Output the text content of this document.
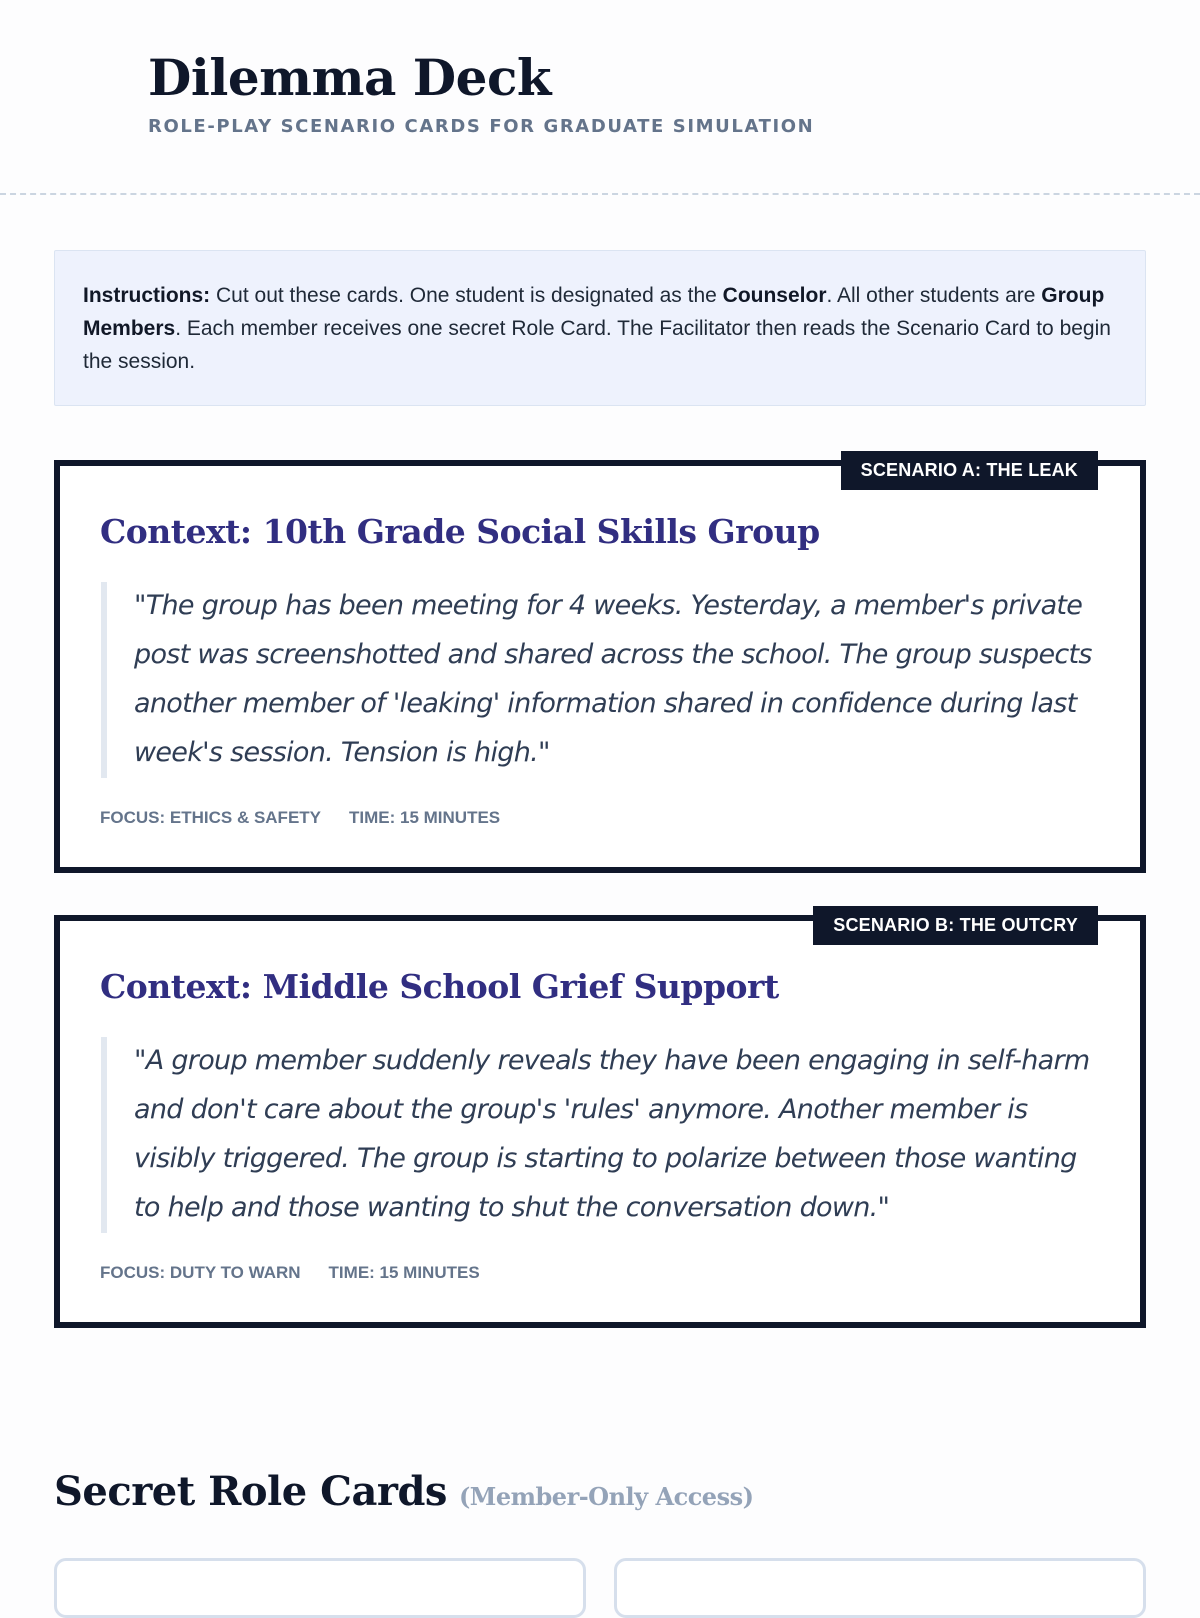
Dilemma Deck

ROLE-PLAY SCENARIO CARDS FOR GRADUATE SIMULATION

Instructions: Cut out these cards. One student is designated as the Counselor. All other students are Group Members. Each member receives one secret Role Card. The Facilitator then reads the Scenario Card to begin the session.
SCENARIO A: THE LEAK
Context: 10th Grade Social Skills Group

"The group has been meeting for 4 weeks. Yesterday, a member's private post was screenshotted and shared across the school. The group suspects another member of 'leaking' information shared in confidence during last week's session. Tension is high."

FOCUS: ETHICS & SAFETY TIME: 15 MINUTES
SCENARIO B: THE OUTCRY
Context: Middle School Grief Support

"A group member suddenly reveals they have been engaging in self-harm and don't care about the group's 'rules' anymore. Another member is visibly triggered. The group is starting to polarize between those wanting to help and those wanting to shut the conversation down."

FOCUS: DUTY TO WARN TIME: 15 MINUTES
Secret Role Cards (Member-Only Access)
